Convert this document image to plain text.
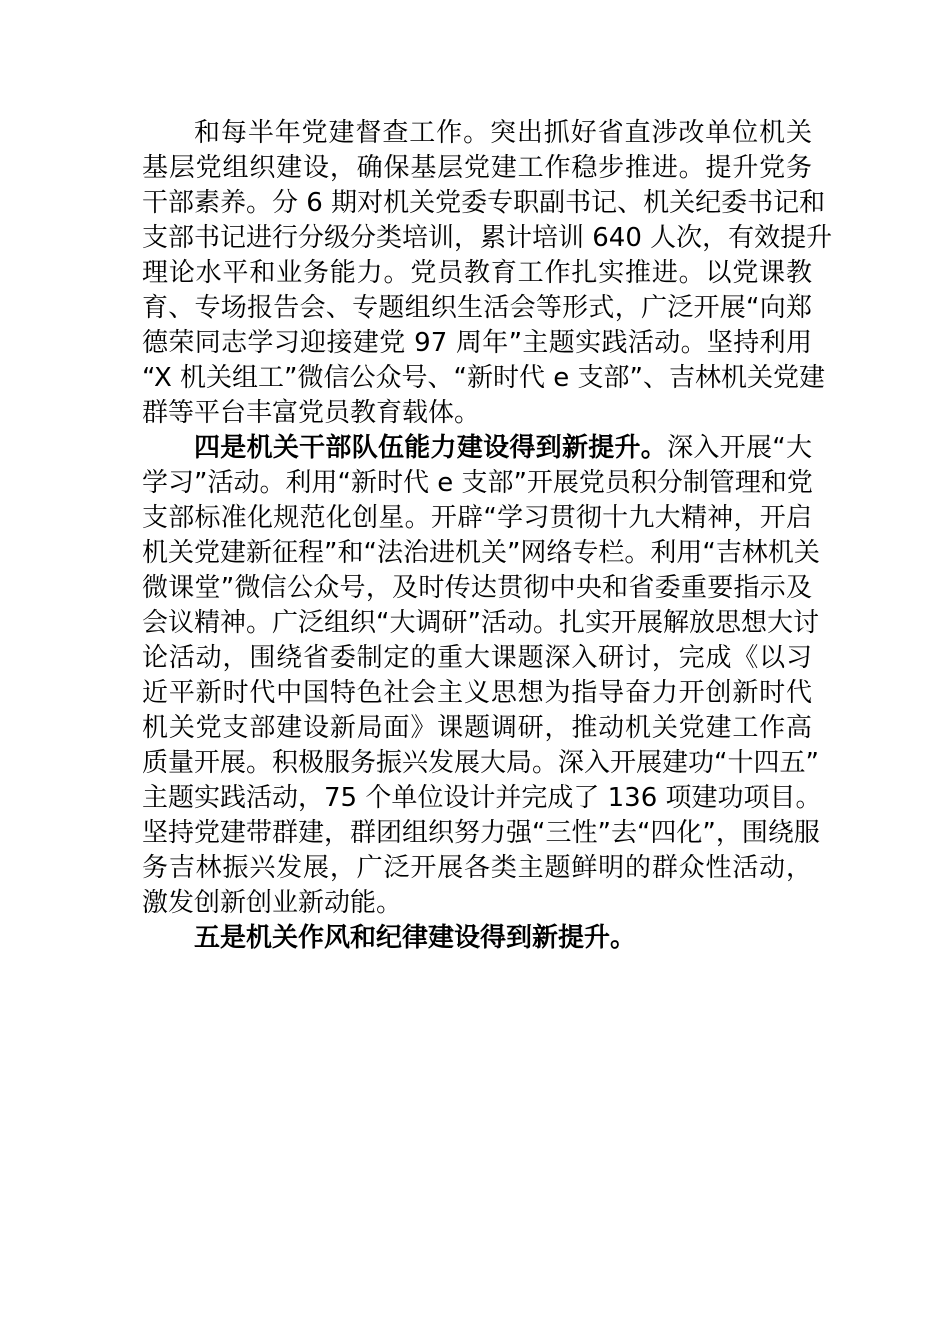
和每半年党建督查工作。突出抓好省直涉改单位机关
基层党组织建设，确保基层党建工作稳步推进。提升党务
干部素养。分 6 期对机关党委专职副书记、机关纪委书记和
支部书记进行分级分类培训，累计培训 640 人次，有效提升
理论水平和业务能力。党员教育工作扎实推进。以党课教
育、专场报告会、专题组织生活会等形式，广泛开展“向郑
德荣同志学习迎接建党 97 周年”主题实践活动。坚持利用
“X 机关组工”微信公众号、“新时代 e 支部”、吉林机关党建
群等平台丰富党员教育载体。
四是机关干部队伍能力建设得到新提升。深入开展“大
学习”活动。利用“新时代 e 支部”开展党员积分制管理和党
支部标准化规范化创星。开辟“学习贯彻十九大精神，开启
机关党建新征程”和“法治进机关”网络专栏。利用“吉林机关
微课堂”微信公众号，及时传达贯彻中央和省委重要指示及
会议精神。广泛组织“大调研”活动。扎实开展解放思想大讨
论活动，围绕省委制定的重大课题深入研讨，完成《以习
近平新时代中国特色社会主义思想为指导奋力开创新时代
机关党支部建设新局面》课题调研，推动机关党建工作高
质量开展。积极服务振兴发展大局。深入开展建功“十四五”
主题实践活动，75 个单位设计并完成了 136 项建功项目。
坚持党建带群建，群团组织努力强“三性”去“四化”，围绕服
务吉林振兴发展，广泛开展各类主题鲜明的群众性活动，
激发创新创业新动能。
五是机关作风和纪律建设得到新提升。
